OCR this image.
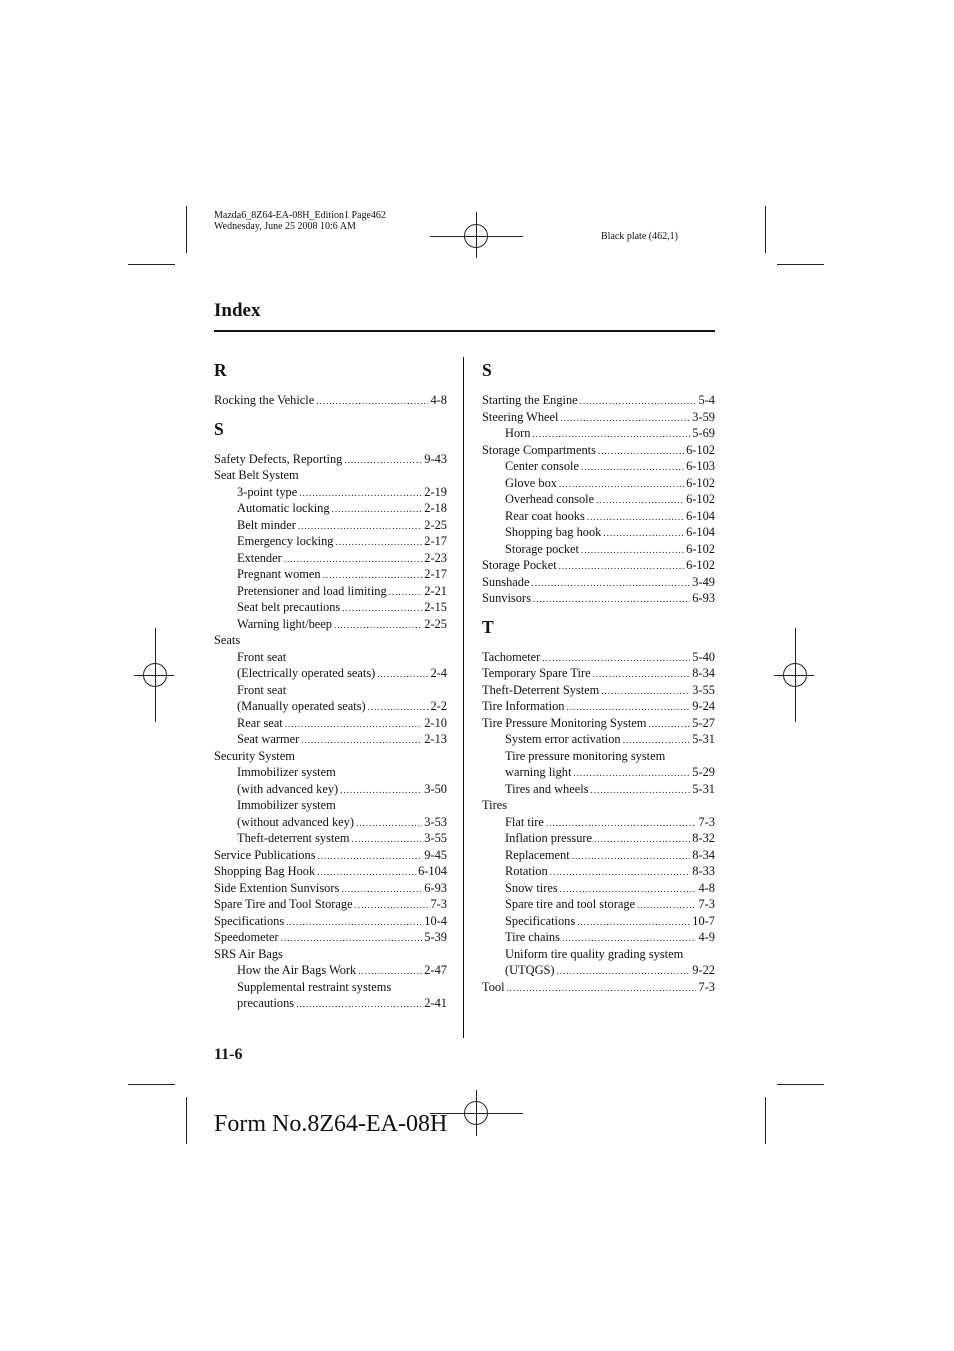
Mazda6_8Z64-EA-08H_Edition1 Page462
Wednesday, June 25 2008 10:6 AM
Black plate (462,1)
Index
R
Rocking the Vehicle .....	4-8
S
Safety Defects, Reporting .....	9-43
Seat Belt System
3-point type .....	2-19
Automatic locking .....	2-18
Belt minder .....	2-25
Emergency locking .....	2-17
Extender .....	2-23
Pregnant women .....	2-17
Pretensioner and load limiting .....	2-21
Seat belt precautions .....	2-15
Warning light/beep .....	2-25
Seats
Front seat
(Electrically operated seats) .....	2-4
Front seat
(Manually operated seats) .....	2-2
Rear seat .....	2-10
Seat warmer .....	2-13
Security System
Immobilizer system
(with advanced key) .....	3-50
Immobilizer system
(without advanced key) .....	3-53
Theft-deterrent system .....	3-55
Service Publications .....	9-45
Shopping Bag Hook .....	6-104
Side Extention Sunvisors .....	6-93
Spare Tire and Tool Storage .....	7-3
Specifications .....	10-4
Speedometer .....	5-39
SRS Air Bags
How the Air Bags Work .....	2-47
Supplemental restraint systems
precautions .....	2-41
S
Starting the Engine .....	5-4
Steering Wheel .....	3-59
Horn .....	5-69
Storage Compartments .....	6-102
Center console .....	6-103
Glove box .....	6-102
Overhead console .....	6-102
Rear coat hooks .....	6-104
Shopping bag hook .....	6-104
Storage pocket .....	6-102
Storage Pocket .....	6-102
Sunshade .....	3-49
Sunvisors .....	6-93
T
Tachometer .....	5-40
Temporary Spare Tire .....	8-34
Theft-Deterrent System .....	3-55
Tire Information .....	9-24
Tire Pressure Monitoring System .....	5-27
System error activation .....	5-31
Tire pressure monitoring system
warning light .....	5-29
Tires and wheels .....	5-31
Tires
Flat tire .....	7-3
Inflation pressure .....	8-32
Replacement .....	8-34
Rotation .....	8-33
Snow tires .....	4-8
Spare tire and tool storage .....	7-3
Specifications .....	10-7
Tire chains .....	4-9
Uniform tire quality grading system
(UTQGS) .....	9-22
Tool .....	7-3
11-6
Form No.8Z64-EA-08H
